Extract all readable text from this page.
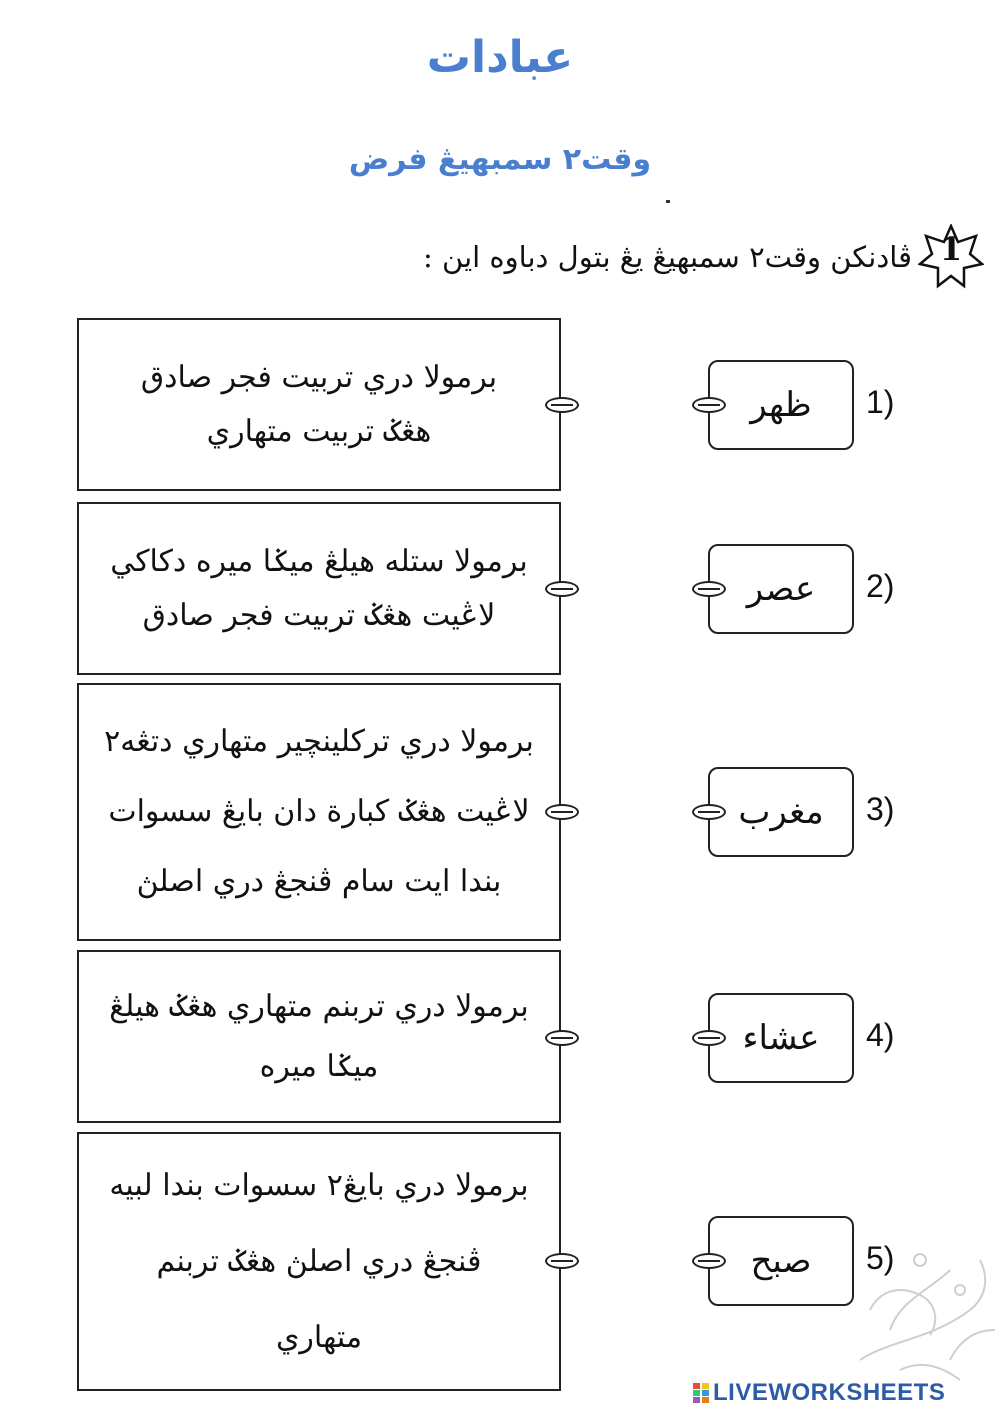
عبادات
وقت٢ سمبهيڠ فرض
1
ڤادنكن وقت٢ سمبهيڠ يڠ بتول دباوه اين :
برمولا دري تربيت فجر صادق
هڠݢ تربيت متهاري
برمولا ستله هيلڠ ميݢا ميره دكاكي
لاڠيت هڠݢ تربيت فجر صادق
برمولا دري تركلينچير متهاري دتڠه٢
لاڠيت هڠݢ كبارة دان بايڠ سسوات
بندا ايت سام ڤنجڠ دري اصلڽ
برمولا دري تربنم متهاري هڠݢ هيلڠ
ميݢا ميره
برمولا دري بايڠ٢ سسوات بندا لبيه
ڤنجڠ دري اصلڽ هڠݢ تربنم
متهاري
ظهر
عصر
مغرب
عشاء
صبح
1)
2)
3)
4)
5)
LIVEWORKSHEETS
